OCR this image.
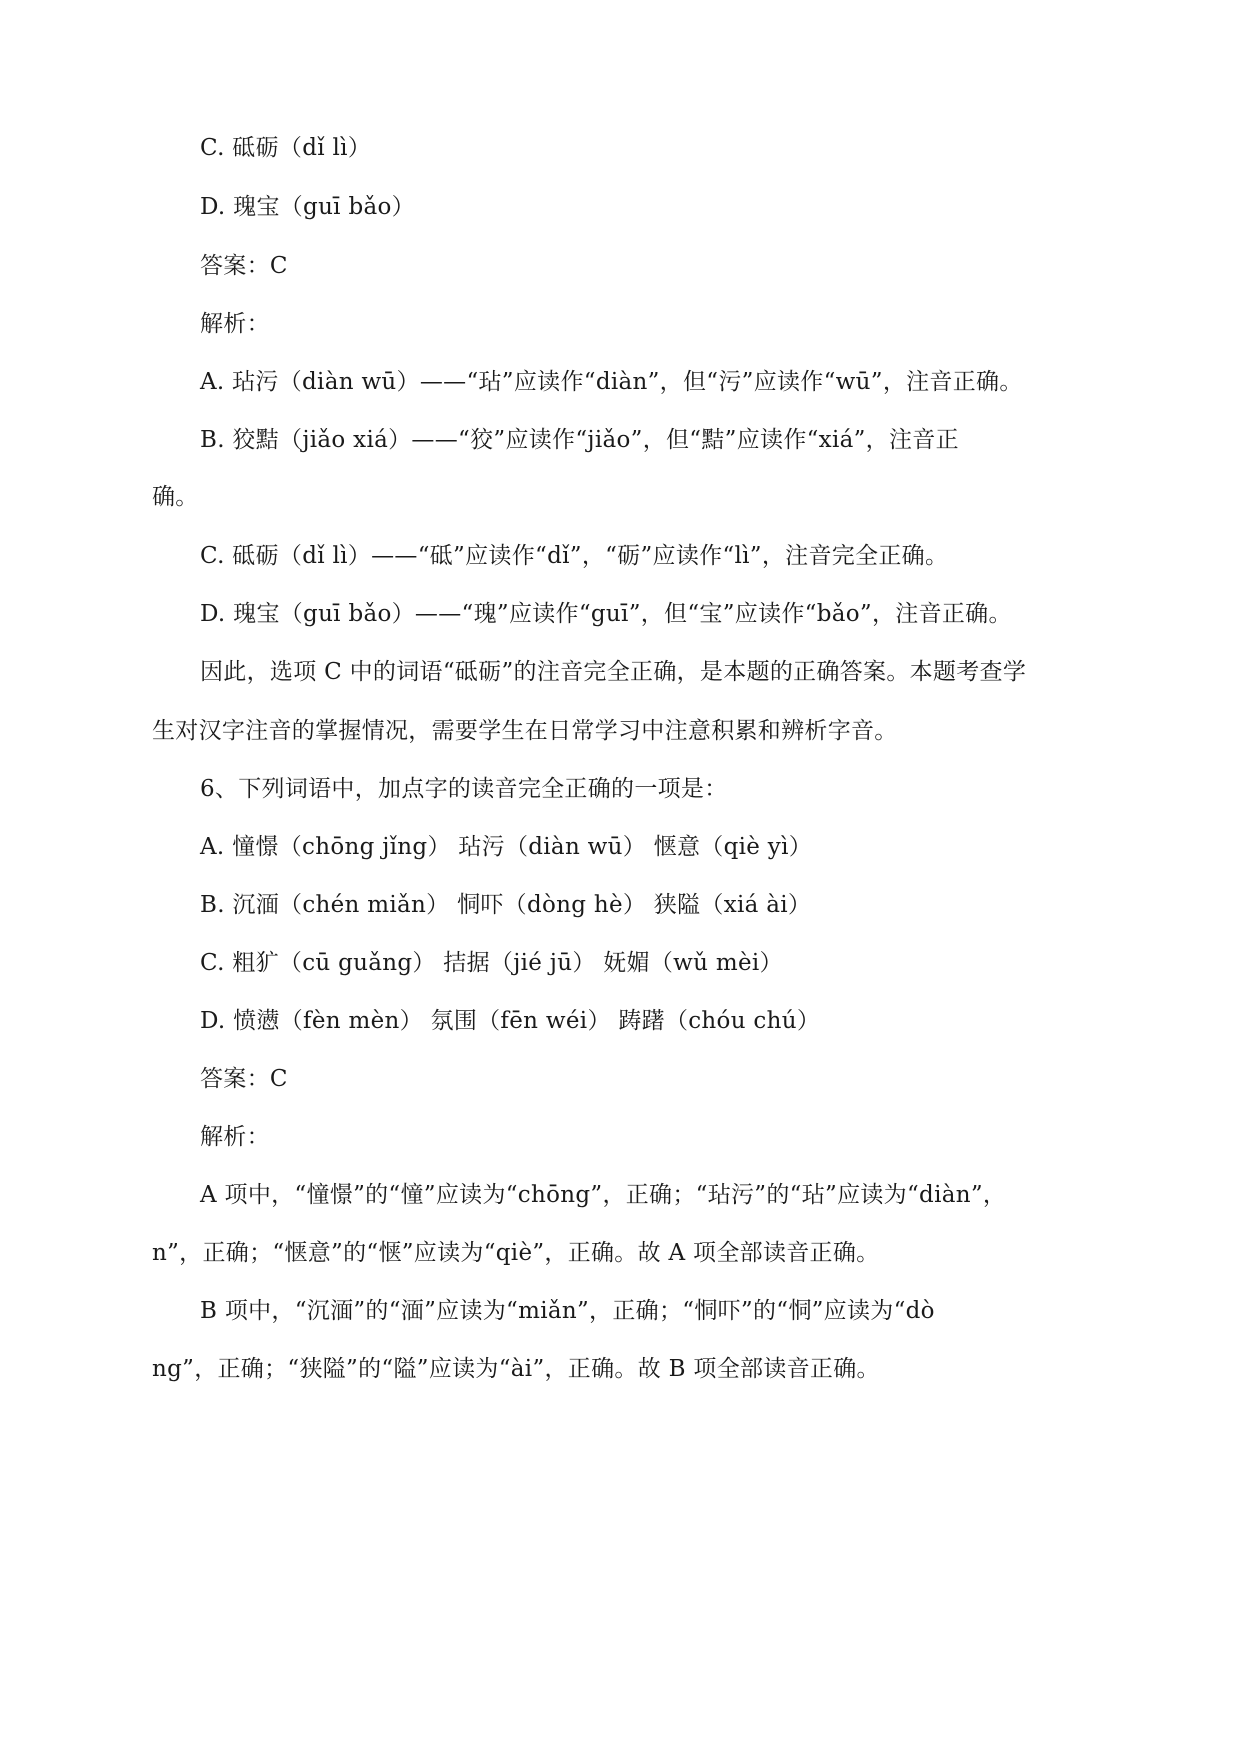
C. 砥砺（dǐ lì）
D. 瑰宝（guī bǎo）
答案：C
解析：
A. 玷污（diàn wū）——“玷”应读作“diàn”，但“污”应读作“wū”，注音正确。
B. 狡黠（jiǎo xiá）——“狡”应读作“jiǎo”，但“黠”应读作“xiá”，注音正
确。
C. 砥砺（dǐ lì）——“砥”应读作“dǐ”，“砺”应读作“lì”，注音完全正确。
D. 瑰宝（guī bǎo）——“瑰”应读作“guī”，但“宝”应读作“bǎo”，注音正确。
因此，选项 C 中的词语“砥砺”的注音完全正确，是本题的正确答案。本题考查学
生对汉字注音的掌握情况，需要学生在日常学习中注意积累和辨析字音。
6、下列词语中，加点字的读音完全正确的一项是：
A. 憧憬（chōng jǐng） 玷污（diàn wū） 惬意（qiè yì）
B. 沉湎（chén miǎn） 恫吓（dòng hè） 狭隘（xiá ài）
C. 粗犷（cū guǎng） 拮据（jié jū） 妩媚（wǔ mèi）
D. 愤懑（fèn mèn） 氛围（fēn wéi） 踌躇（chóu chú）
答案：C
解析：
A 项中，“憧憬”的“憧”应读为“chōng”，正确；“玷污”的“玷”应读为“diàn”，
n”，正确；“惬意”的“惬”应读为“qiè”，正确。故 A 项全部读音正确。
B 项中，“沉湎”的“湎”应读为“miǎn”，正确；“恫吓”的“恫”应读为“dò
ng”，正确；“狭隘”的“隘”应读为“ài”，正确。故 B 项全部读音正确。
